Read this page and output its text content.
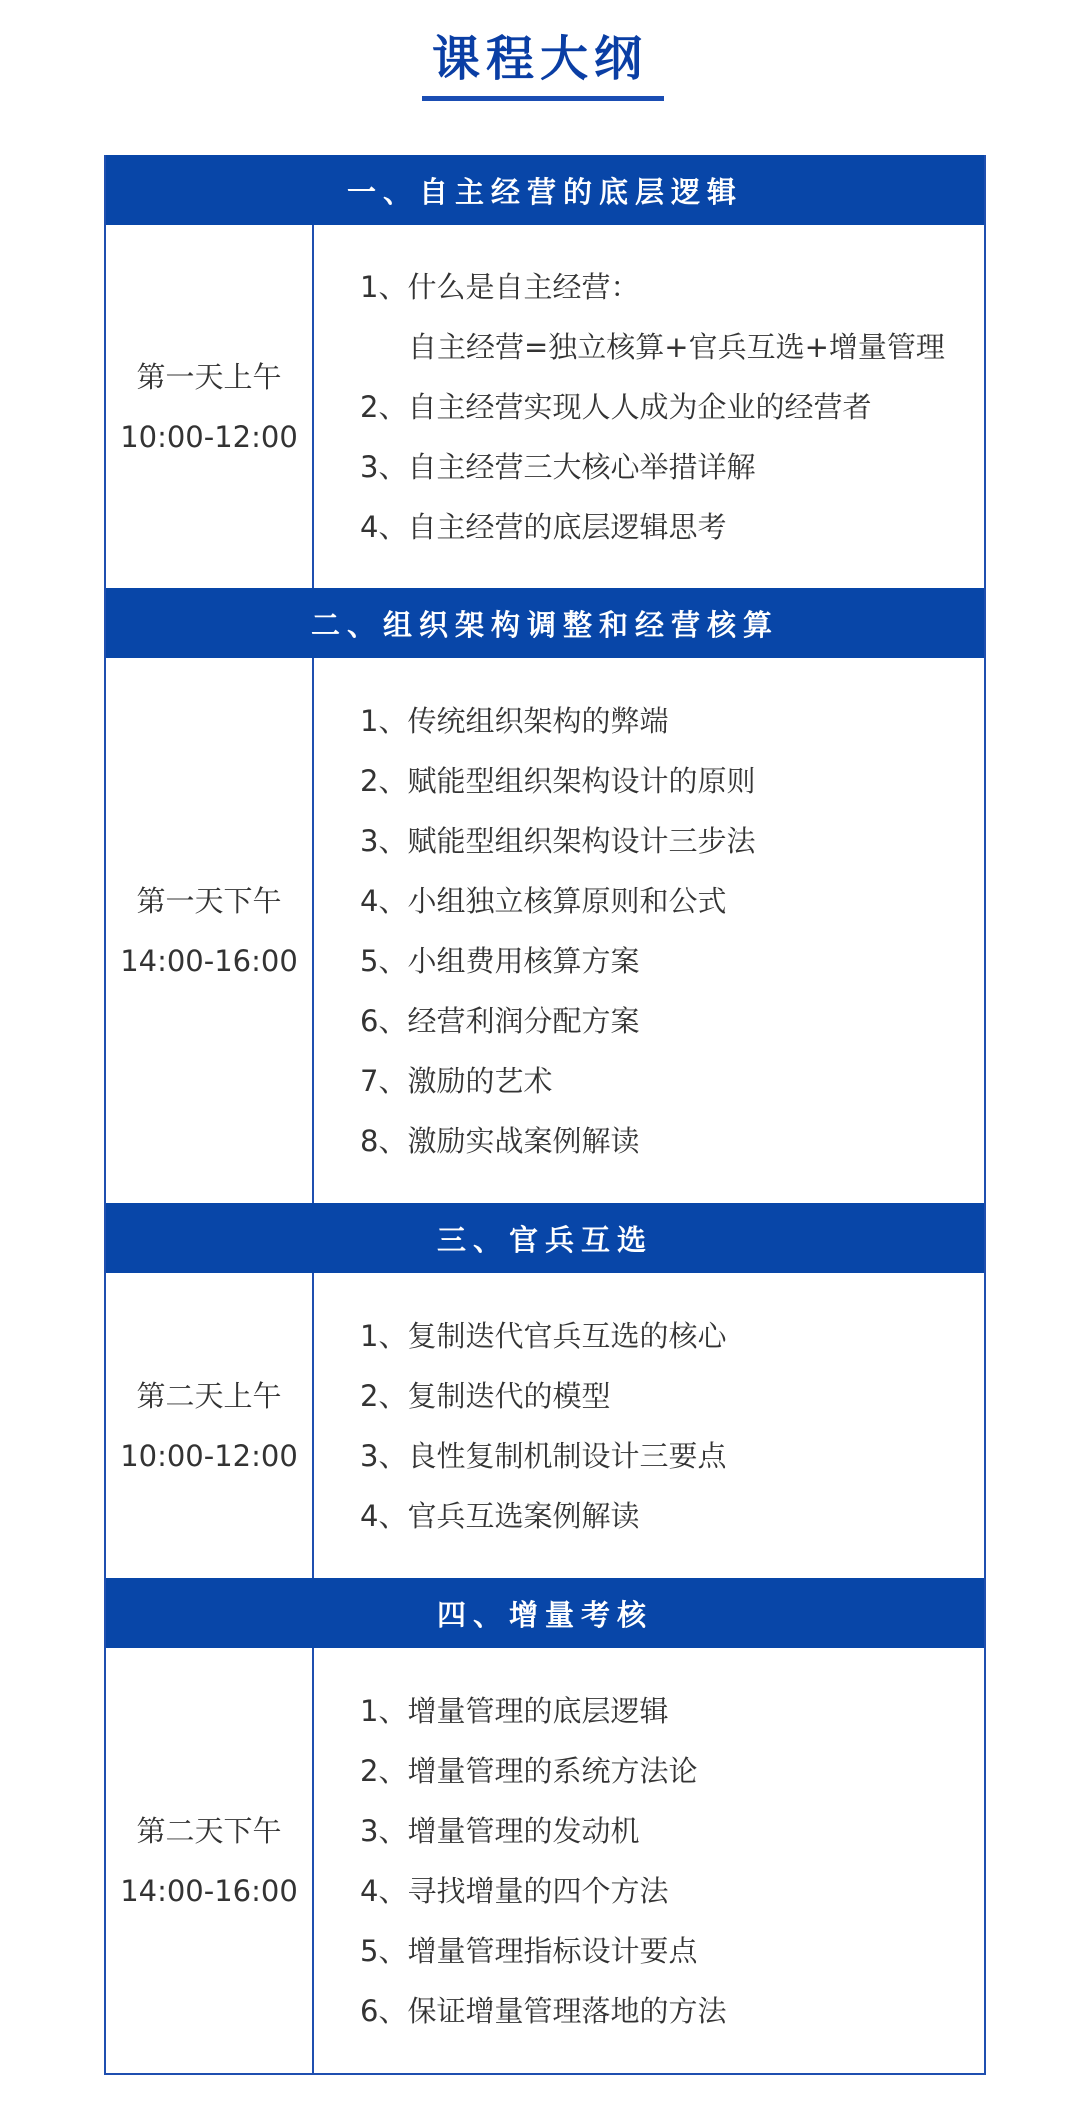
课程大纲
一、自主经营的底层逻辑
第一天上午
10:00-12:00
1、什么是自主经营：
自主经营=独立核算+官兵互选+增量管理
2、自主经营实现人人成为企业的经营者
3、自主经营三大核心举措详解
4、自主经营的底层逻辑思考
二、组织架构调整和经营核算
第一天下午
14:00-16:00
1、传统组织架构的弊端
2、赋能型组织架构设计的原则
3、赋能型组织架构设计三步法
4、小组独立核算原则和公式
5、小组费用核算方案
6、经营利润分配方案
7、激励的艺术
8、激励实战案例解读
三、官兵互选
第二天上午
10:00-12:00
1、复制迭代官兵互选的核心
2、复制迭代的模型
3、良性复制机制设计三要点
4、官兵互选案例解读
四、增量考核
第二天下午
14:00-16:00
1、增量管理的底层逻辑
2、增量管理的系统方法论
3、增量管理的发动机
4、寻找增量的四个方法
5、增量管理指标设计要点
6、保证增量管理落地的方法
